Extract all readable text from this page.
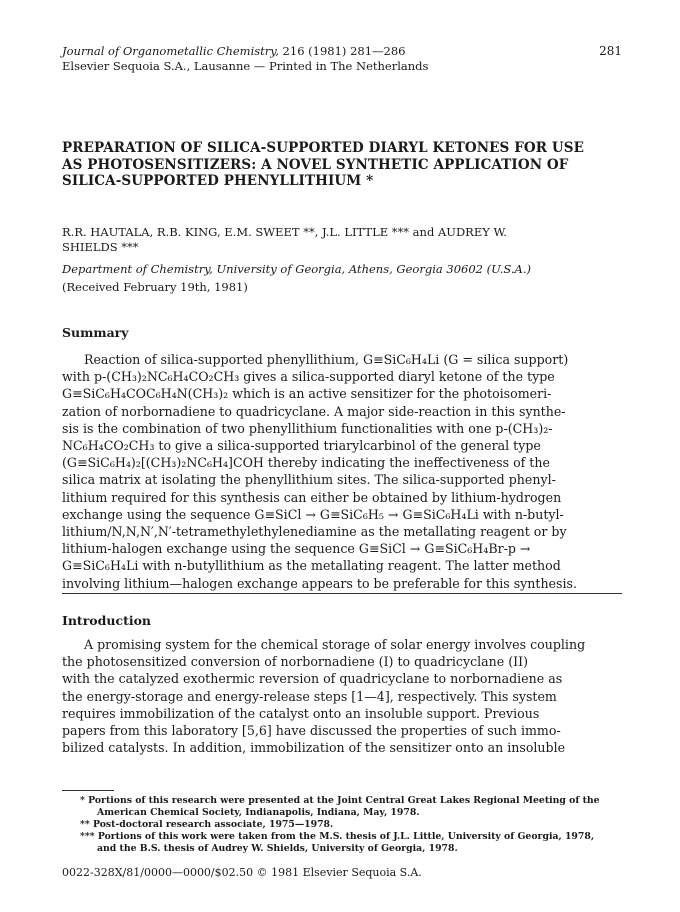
Journal of Organometallic Chemistry, 216 (1981) 281—286
Elsevier Sequoia S.A., Lausanne — Printed in The Netherlands
281
PREPARATION OF SILICA-SUPPORTED DIARYL KETONES FOR USE
AS PHOTOSENSITIZERS: A NOVEL SYNTHETIC APPLICATION OF
SILICA-SUPPORTED PHENYLLITHIUM *
R.R. HAUTALA, R.B. KING, E.M. SWEET **, J.L. LITTLE *** and AUDREY W.
SHIELDS ***
Department of Chemistry, University of Georgia, Athens, Georgia 30602 (U.S.A.)
(Received February 19th, 1981)
Summary
Reaction of silica-supported phenyllithium, G≡SiC₆H₄Li (G = silica support)
with p-(CH₃)₂NC₆H₄CO₂CH₃ gives a silica-supported diaryl ketone of the type
G≡SiC₆H₄COC₆H₄N(CH₃)₂ which is an active sensitizer for the photoisomeri-
zation of norbornadiene to quadricyclane. A major side-reaction in this synthe-
sis is the combination of two phenyllithium functionalities with one p-(CH₃)₂-
NC₆H₄CO₂CH₃ to give a silica-supported triarylcarbinol of the general type
(G≡SiC₆H₄)₂[(CH₃)₂NC₆H₄]COH thereby indicating the ineffectiveness of the
silica matrix at isolating the phenyllithium sites. The silica-supported phenyl-
lithium required for this synthesis can either be obtained by lithium-hydrogen
exchange using the sequence G≡SiCl → G≡SiC₆H₅ → G≡SiC₆H₄Li with n-butyl-
lithium/N,N,N′,N′-tetramethylethylenediamine as the metallating reagent or by
lithium-halogen exchange using the sequence G≡SiCl → G≡SiC₆H₄Br-p →
G≡SiC₆H₄Li with n-butyllithium as the metallating reagent. The latter method
involving lithium—halogen exchange appears to be preferable for this synthesis.
Introduction
A promising system for the chemical storage of solar energy involves coupling
the photosensitized conversion of norbornadiene (I) to quadricyclane (II)
with the catalyzed exothermic reversion of quadricyclane to norbornadiene as
the energy-storage and energy-release steps [1—4], respectively. This system
requires immobilization of the catalyst onto an insoluble support. Previous
papers from this laboratory [5,6] have discussed the properties of such immo-
bilized catalysts. In addition, immobilization of the sensitizer onto an insoluble
* Portions of this research were presented at the Joint Central Great Lakes Regional Meeting of the
American Chemical Society, Indianapolis, Indiana, May, 1978.
** Post-doctoral research associate, 1975—1978.
*** Portions of this work were taken from the M.S. thesis of J.L. Little, University of Georgia, 1978,
and the B.S. thesis of Audrey W. Shields, University of Georgia, 1978.
0022-328X/81/0000—0000/$02.50 © 1981 Elsevier Sequoia S.A.
